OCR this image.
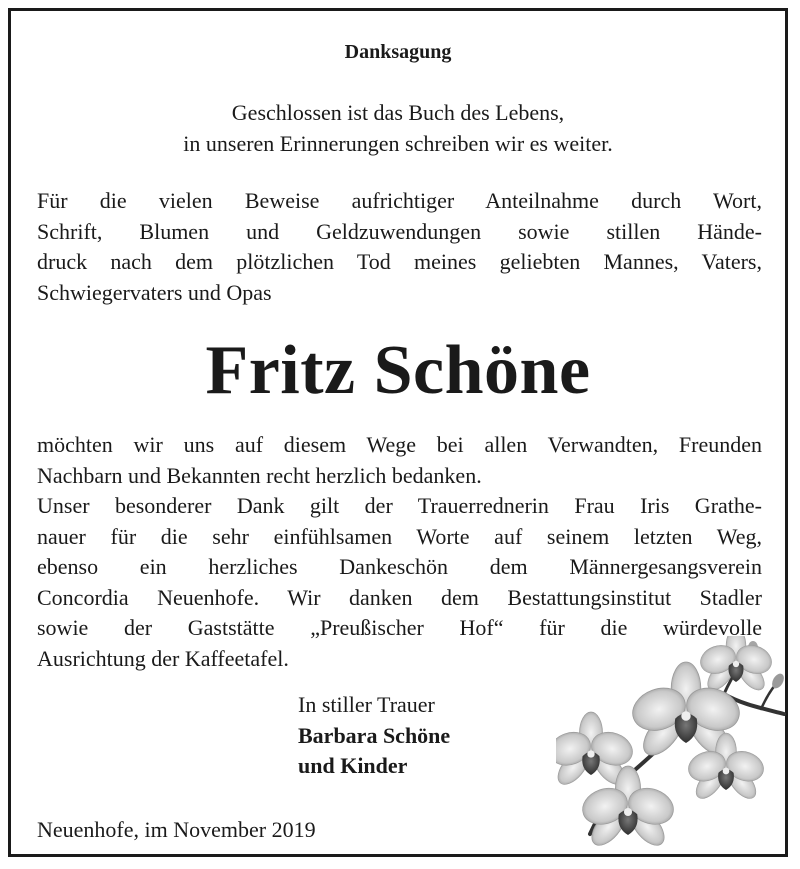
Danksagung
Geschlossen ist das Buch des Lebens,
in unseren Erinnerungen schreiben wir es weiter.
Für die vielen Beweise aufrichtiger Anteilnahme durch Wort,
Schrift, Blumen und Geldzuwendungen sowie stillen Hände-
druck nach dem plötzlichen Tod meines geliebten Mannes, Vaters,
Schwiegervaters und Opas
Fritz Schöne
möchten wir uns auf diesem Wege bei allen Verwandten, Freunden
Nachbarn und Bekannten recht herzlich bedanken.
Unser besonderer Dank gilt der Trauerrednerin Frau Iris Grathe-
nauer für die sehr einfühlsamen Worte auf seinem letzten Weg,
ebenso ein herzliches Dankeschön dem Männergesangsverein
Concordia Neuenhofe. Wir danken dem Bestattungsinstitut Stadler
sowie der Gaststätte „Preußischer Hof“ für die würdevolle
Ausrichtung der Kaffeetafel.
In stiller Trauer
Barbara Schöne
und Kinder
Neuenhofe, im November 2019
